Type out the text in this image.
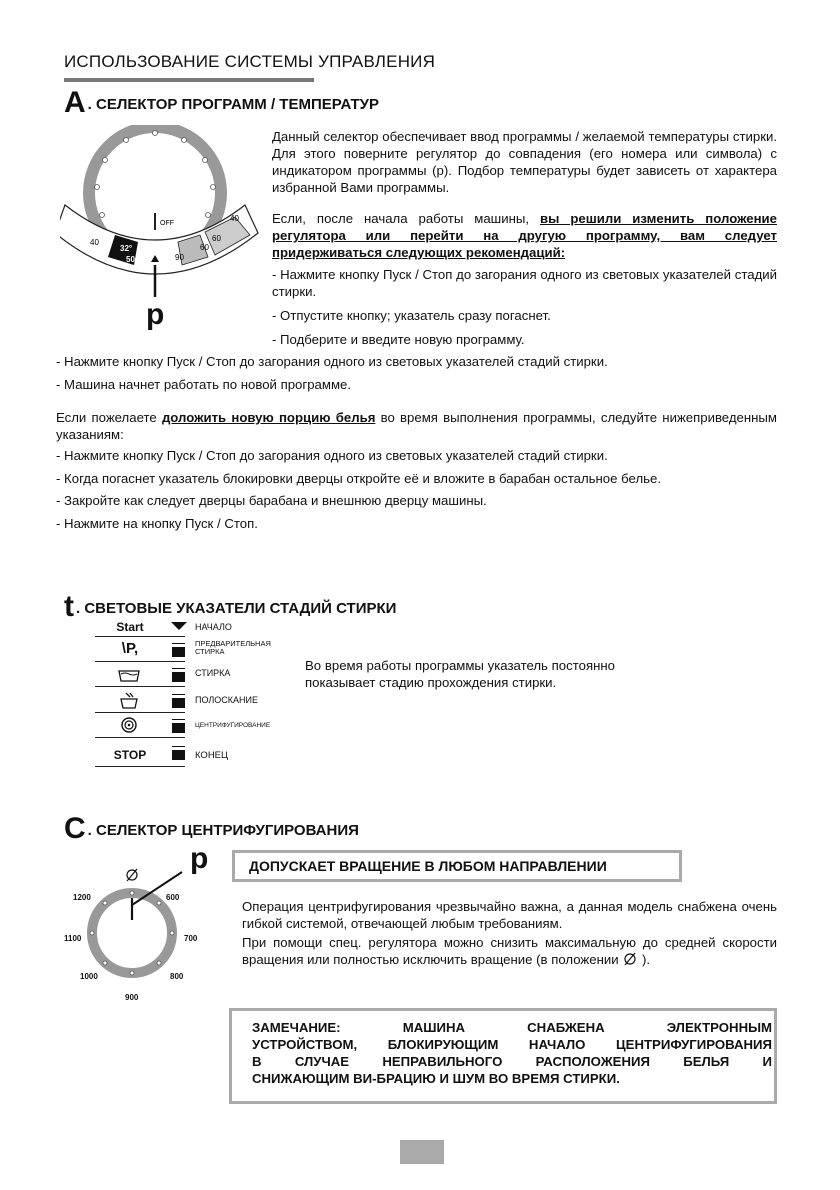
ИСПОЛЬЗОВАНИЕ СИСТЕМЫ УПРАВЛЕНИЯ
A . СЕЛЕКТОР ПРОГРАММ / ТЕМПЕРАТУР
OFF
32°
50
40
90
60
60
40
p
Данный селектор обеспечивает ввод программы / желаемой температуры стирки. Для этого поверните регулятор до совпадения (его номера или символа) с индикатором программы (p). Подбор температуры будет зависеть от характера избранной Вами программы.
Если, после начала работы машины, вы решили изменить положение регулятора или перейти на другую программу, вам следует придерживаться следующих рекомендаций:
- Нажмите кнопку Пуск / Стоп до загорания одного из световых указателей стадий стирки.
- Отпустите кнопку; указатель сразу погаснет.
- Подберите и введите новую программу.
- Нажмите кнопку Пуск / Стоп до загорания одного из световых указателей стадий стирки.
- Машина начнет работать по новой программе.
Если пожелаете доложить новую порцию белья во время выполнения программы, следуйте нижеприведенным указаниям:
- Нажмите кнопку Пуск / Стоп до загорания одного из световых указателей стадий стирки.
- Когда погаснет указатель блокировки дверцы откройте её и вложите в барабан остальное белье.
- Закройте как следует дверцы барабана и внешнюю дверцу машины.
- Нажмите на кнопку Пуск / Стоп.
t . СВЕТОВЫЕ УКАЗАТЕЛИ СТАДИЙ СТИРКИ
Start	НАЧАЛО
\P,	ПРЕДВАРИТЕЛЬНАЯ СТИРКА
СТИРКА
ПОЛОСКАНИЕ
ЦЕНТРИФУГИРОВАНИЕ
STOP	КОНЕЦ
Во время работы программы указатель постоянно показывает стадию прохождения стирки.
C . СЕЛЕКТОР ЦЕНТРИФУГИРОВАНИЯ
p
600
700
800
900
1000
1100
1200
ДОПУСКАЕТ ВРАЩЕНИЕ В ЛЮБОМ НАПРАВЛЕНИИ
Операция центрифугирования чрезвычайно важна, а данная модель снабжена очень гибкой системой, отвечающей любым требованиям.
При помощи спец. регулятора можно снизить максимальную до средней скорости вращения или полностью исключить вращение (в положении ).
ЗАМЕЧАНИЕ: МАШИНА СНАБЖЕНА ЭЛЕКТРОННЫМ
УСТРОЙСТВОМ, БЛОКИРУЮЩИМ НАЧАЛО ЦЕНТРИФУГИРОВАНИЯ
В СЛУЧАЕ НЕПРАВИЛЬНОГО РАСПОЛОЖЕНИЯ БЕЛЬЯ И
СНИЖАЮЩИМ ВИ-БРАЦИЮ И ШУМ ВО ВРЕМЯ СТИРКИ.
